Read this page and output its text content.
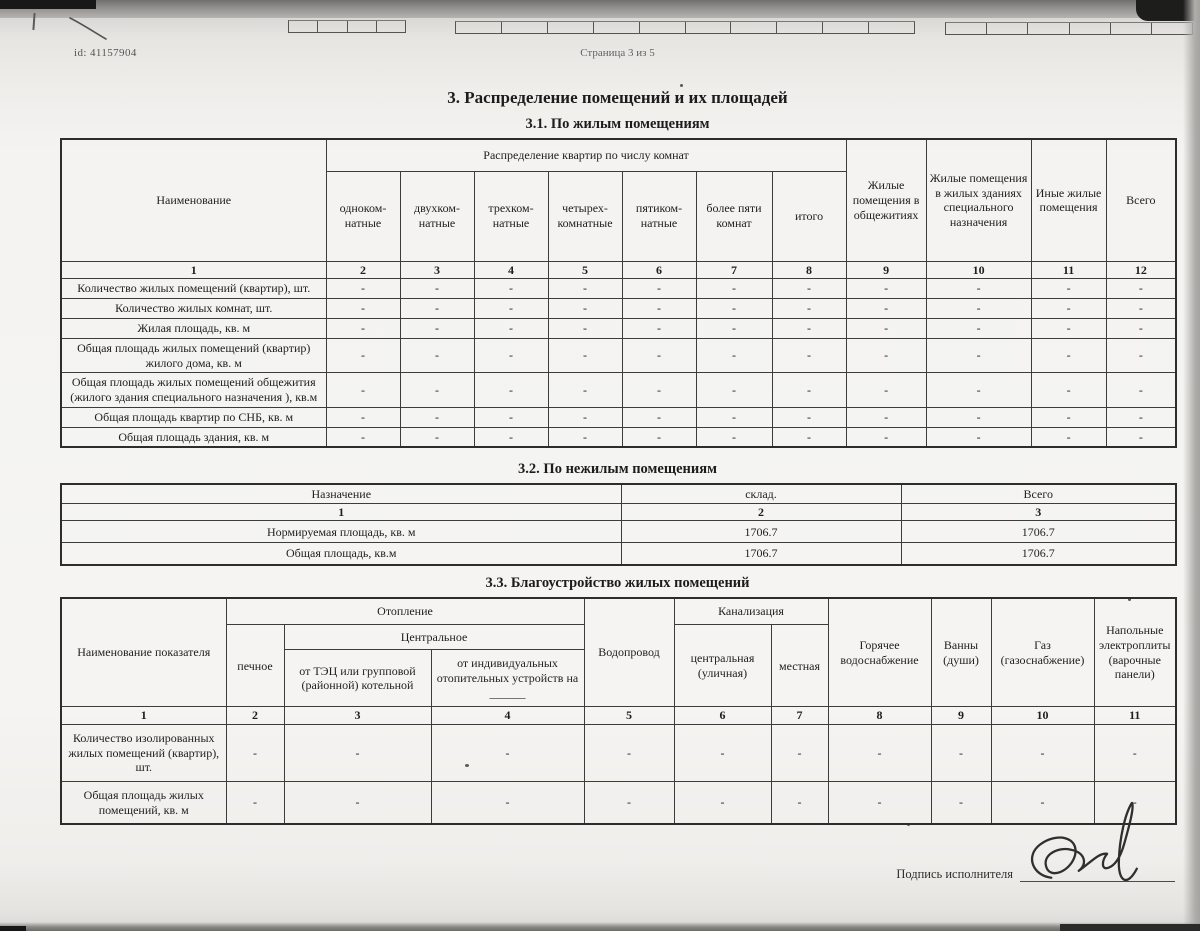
id: 41157904	Страница 3 из 5
3. Распределение помещений и их площадей
3.1. По жилым помещениям
Наименование	Распределение квартир по числу комнат							Жилые помещения в общежитиях	Жилые помещения в жилых зданиях специального назначения	Иные жилые помещения	Всего
	одноком-натные	двухком-натные	трехком-натные	четырех-комнатные	пятиком-натные	более пяти комнат	итого				
1	2	3	4	5	6	7	8	9	10	11	12
Количество жилых помещений (квартир), шт.	-	-	-	-	-	-	-	-	-	-	-
Количество жилых комнат, шт.	-	-	-	-	-	-	-	-	-	-	-
Жилая площадь, кв. м	-	-	-	-	-	-	-	-	-	-	-
Общая площадь жилых помещений (квартир) жилого дома, кв. м	-	-	-	-	-	-	-	-	-	-	-
Общая площадь жилых помещений общежития (жилого здания специального назначения ), кв.м	-	-	-	-	-	-	-	-	-	-	-
Общая площадь квартир по СНБ, кв. м	-	-	-	-	-	-	-	-	-	-	-
Общая площадь здания, кв. м	-	-	-	-	-	-	-	-	-	-	-
3.2. По нежилым помещениям
Назначение	склад.	Всего
1	2	3
Нормируемая площадь, кв. м	1706.7	1706.7
Общая площадь, кв.м	1706.7	1706.7
3.3. Благоустройство жилых помещений
Наименование показателя	Отопление			Водопровод	Канализация		Горячее водоснабжение	Ванны (души)	Газ (газоснабжение)	Напольные электроплиты (варочные панели)
	печное	Центральное			центральная (уличная)	местная				
		от ТЭЦ или групповой (районной) котельной	от индивидуальных отопительных устройств на ______							
1	2	3	4	5	6	7	8	9	10	11
Количество изолированных жилых помещений (квартир), шт.	-	-	-	-	-	-	-	-	-	-
Общая площадь жилых помещений, кв. м	-	-	-	-	-	-	-	-	-	-
Подпись исполнителя
